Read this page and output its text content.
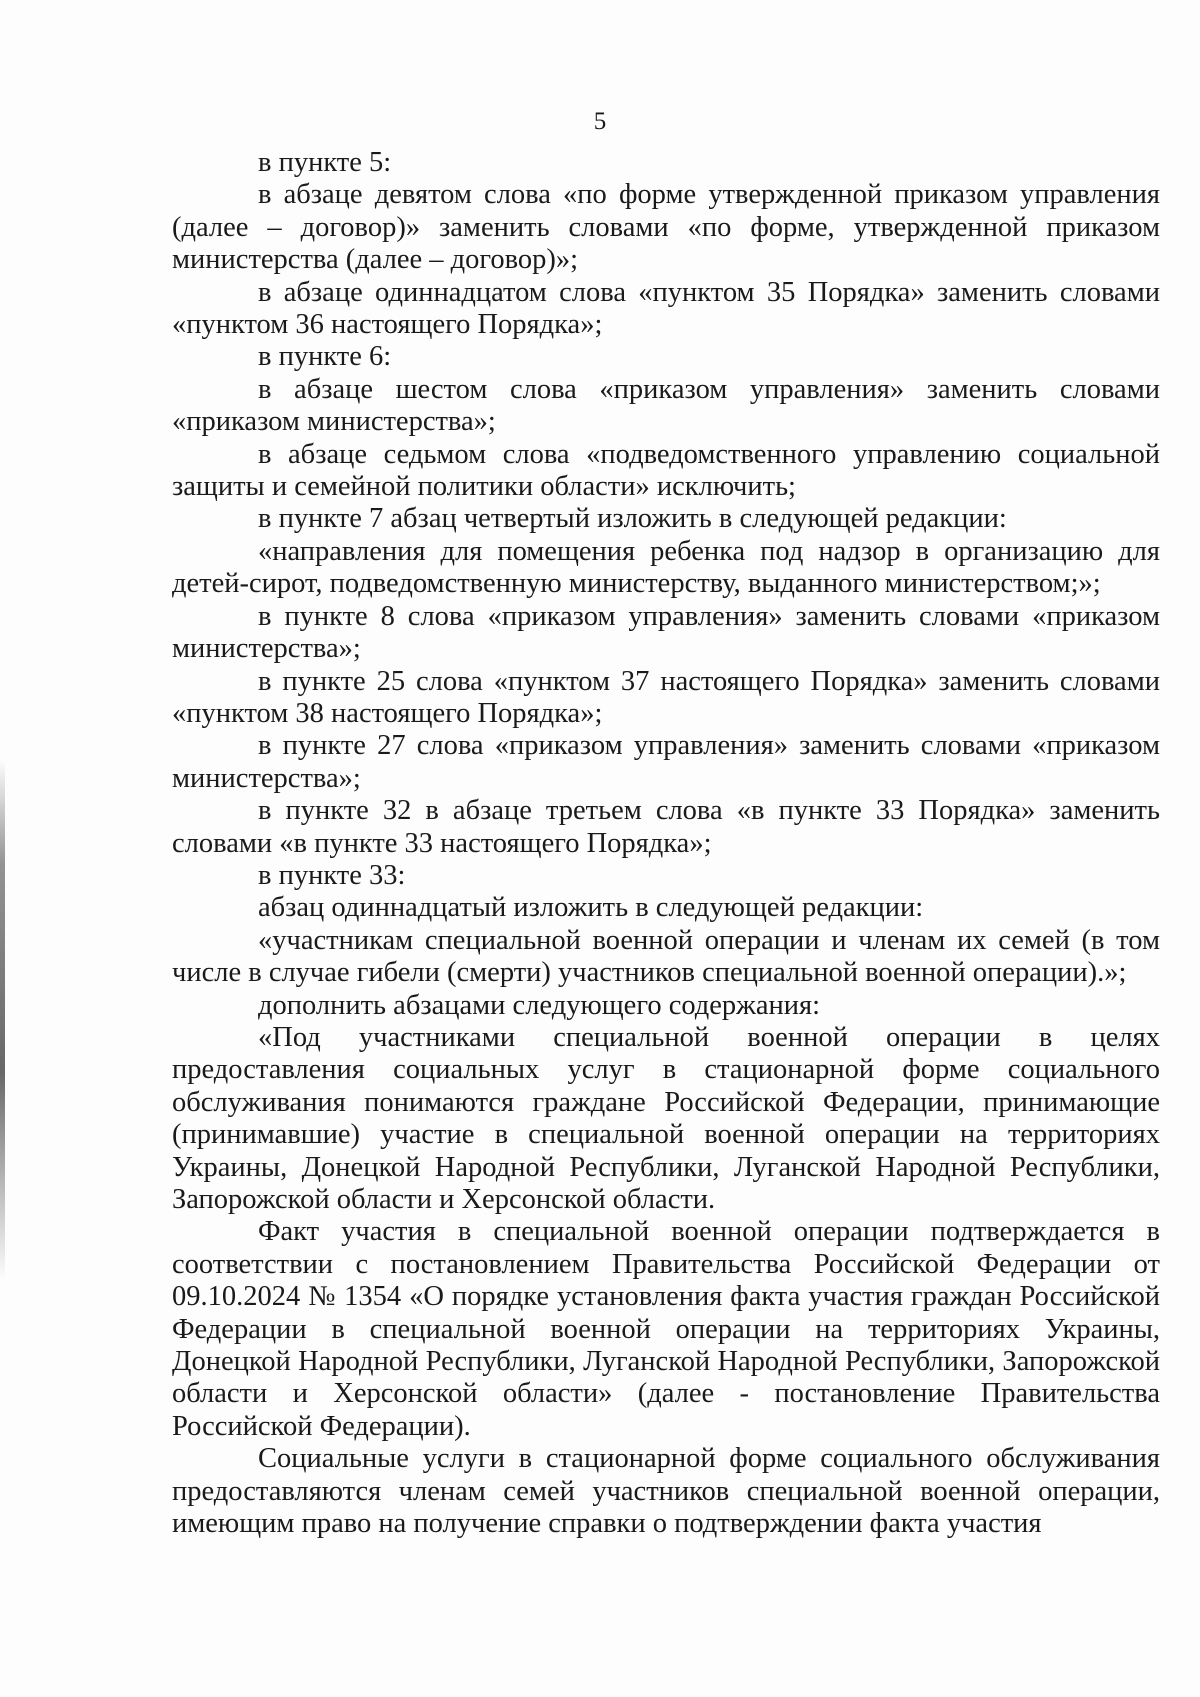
5

в пункте 5:

в абзаце девятом слова «по форме утвержденной приказом управления (далее – договор)» заменить словами «по форме, утвержденной приказом министерства (далее – договор)»;

в абзаце одиннадцатом слова «пунктом 35 Порядка» заменить словами «пунктом 36 настоящего Порядка»;

в пункте 6:

в абзаце шестом слова «приказом управления» заменить словами «приказом министерства»;

в абзаце седьмом слова «подведомственного управлению социальной защиты и семейной политики области» исключить;

в пункте 7 абзац четвертый изложить в следующей редакции:

«направления для помещения ребенка под надзор в организацию для детей-сирот, подведомственную министерству, выданного министерством;»;

в пункте 8 слова «приказом управления» заменить словами «приказом министерства»;

в пункте 25 слова «пунктом 37 настоящего Порядка» заменить словами «пунктом 38 настоящего Порядка»;

в пункте 27 слова «приказом управления» заменить словами «приказом министерства»;

в пункте 32 в абзаце третьем слова «в пункте 33 Порядка» заменить словами «в пункте 33 настоящего Порядка»;

в пункте 33:

абзац одиннадцатый изложить в следующей редакции:

«участникам специальной военной операции и членам их семей (в том числе в случае гибели (смерти) участников специальной военной операции).»;

дополнить абзацами следующего содержания:

«Под участниками специальной военной операции в целях предоставления социальных услуг в стационарной форме социального обслуживания понимаются граждане Российской Федерации, принимающие (принимавшие) участие в специальной военной операции на территориях Украины, Донецкой Народной Республики, Луганской Народной Республики, Запорожской области и Херсонской области.

Факт участия в специальной военной операции подтверждается в соответствии с постановлением Правительства Российской Федерации от 09.10.2024 № 1354 «О порядке установления факта участия граждан Российской Федерации в специальной военной операции на территориях Украины, Донецкой Народной Республики, Луганской Народной Республики, Запорожской области и Херсонской области» (далее - постановление Правительства Российской Федерации).

Социальные услуги в стационарной форме социального обслуживания предоставляются членам семей участников специальной военной операции, имеющим право на получение справки о подтверждении факта участия
